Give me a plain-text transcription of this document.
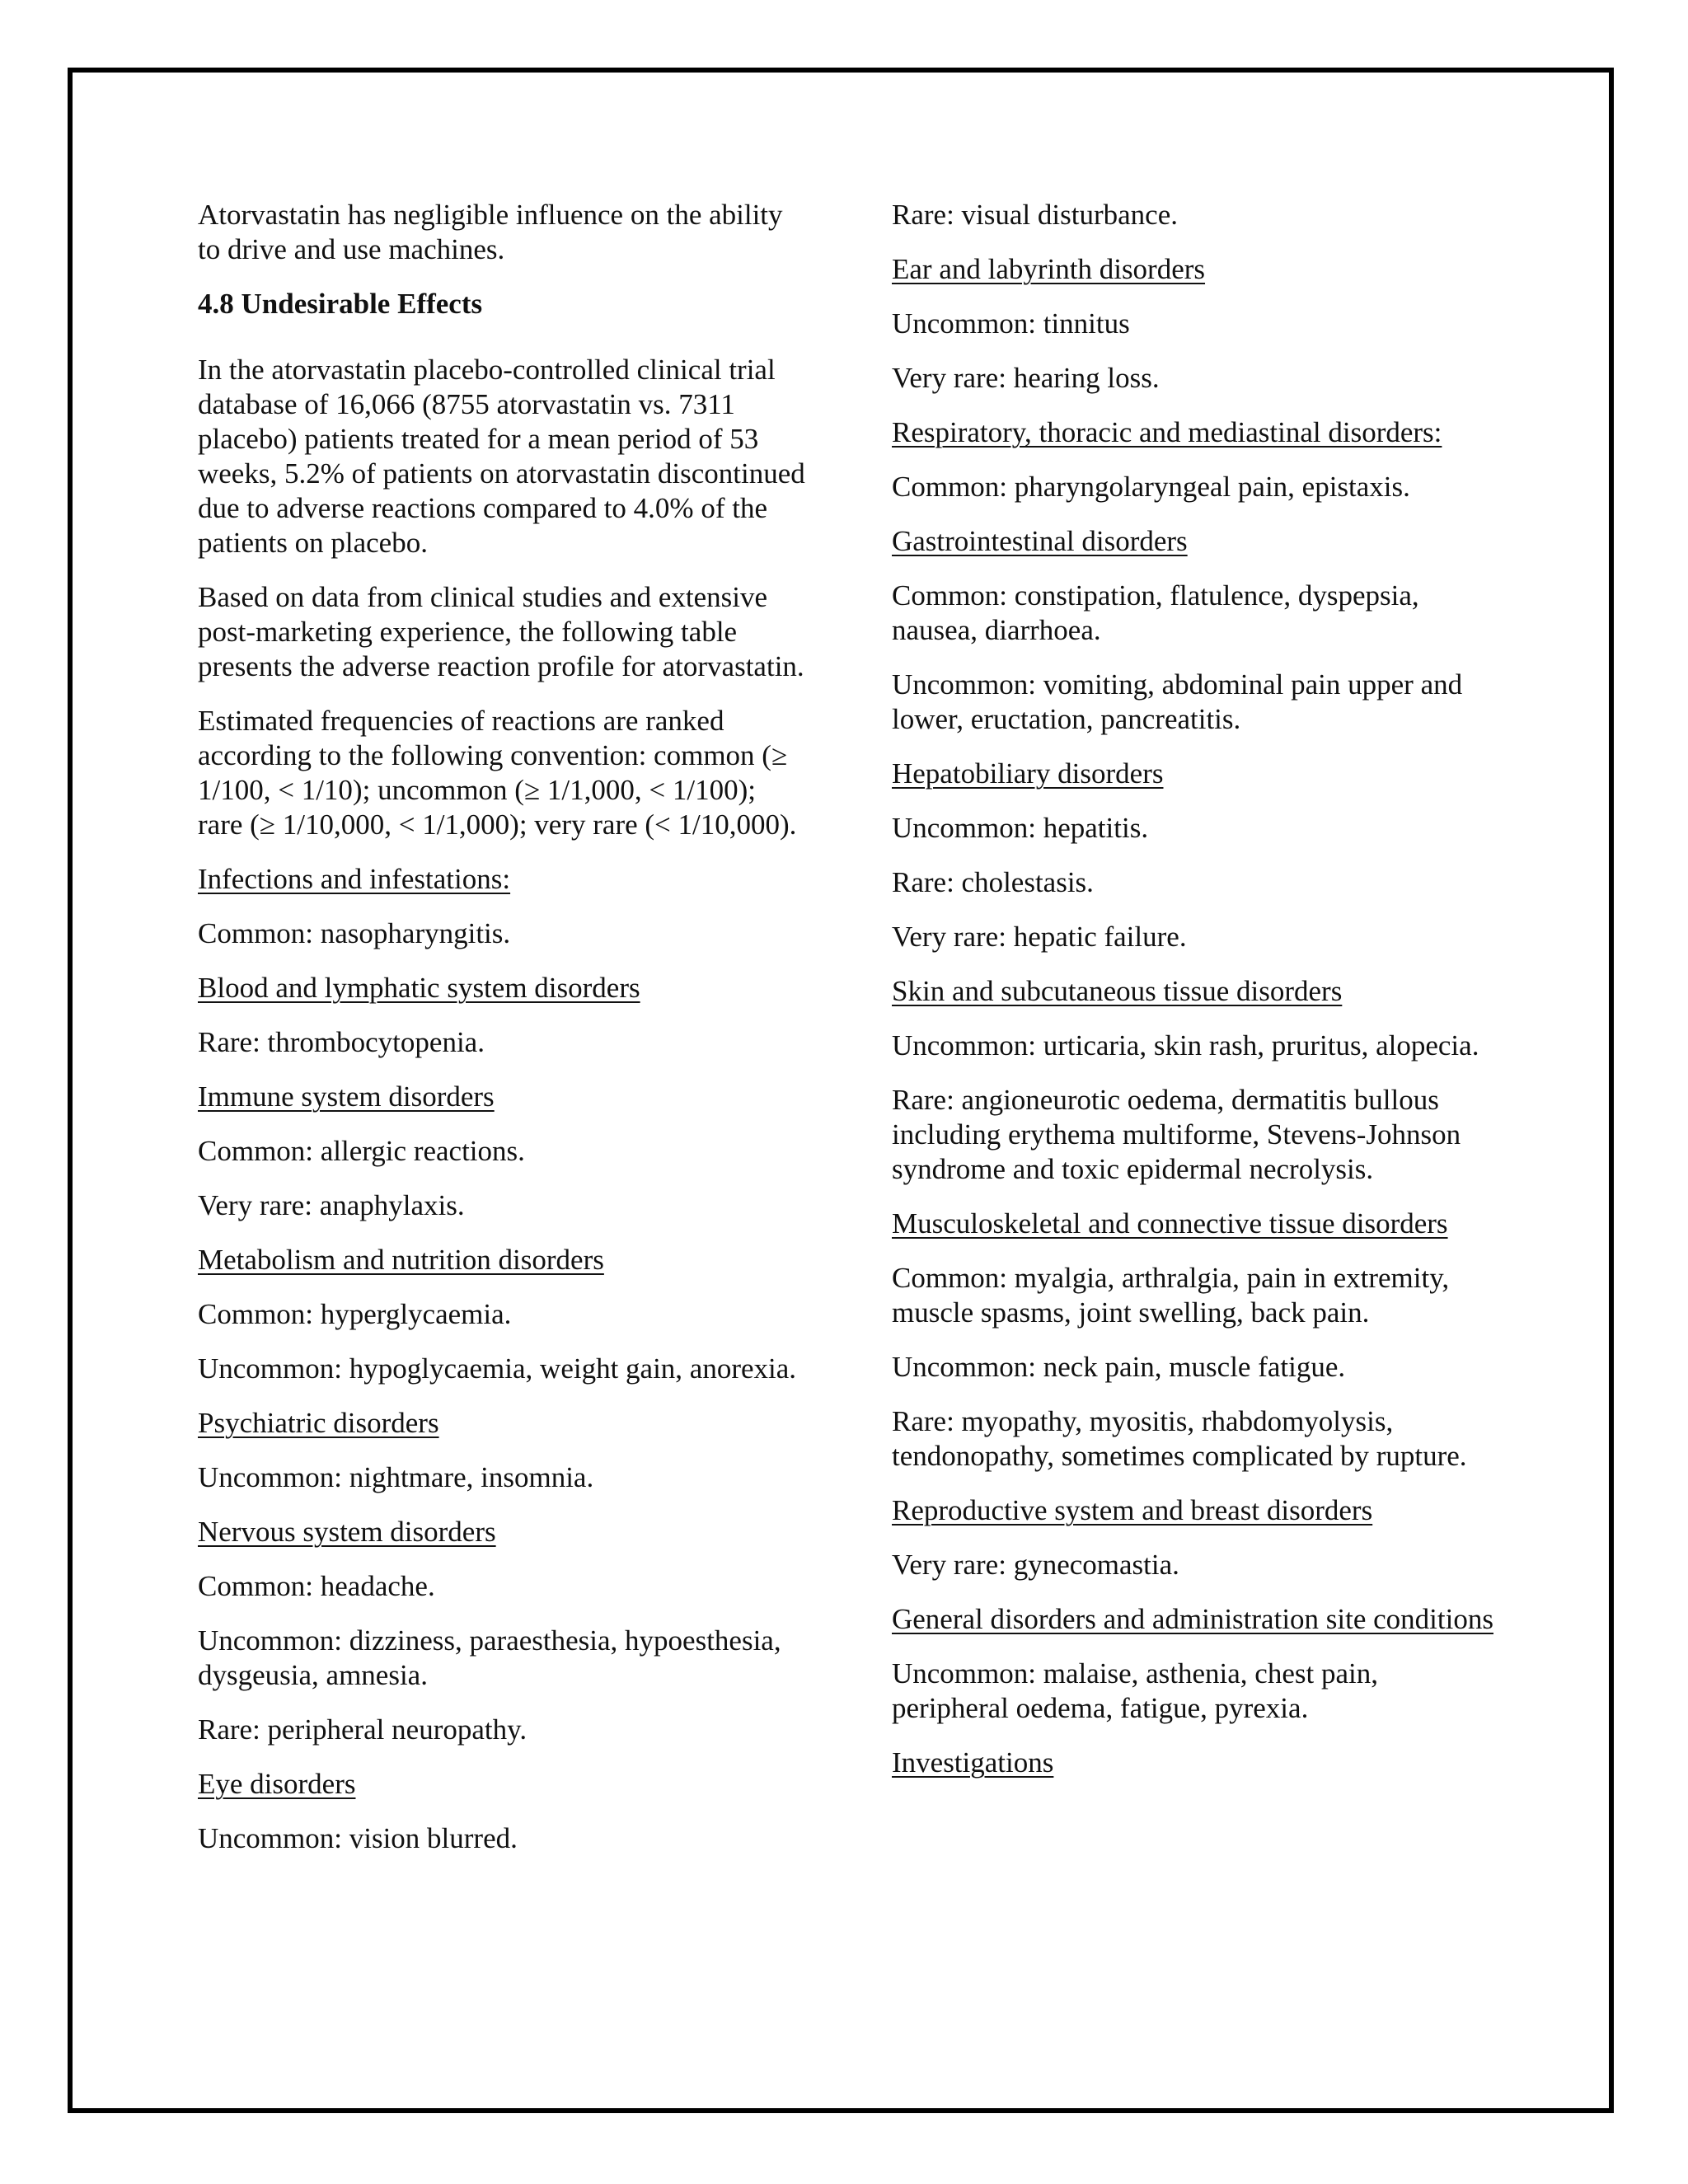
Atorvastatin has negligible influence on the ability to drive and use machines.

4.8 Undesirable Effects

In the atorvastatin placebo-controlled clinical trial database of 16,066 (8755 atorvastatin vs. 7311 placebo) patients treated for a mean period of 53 weeks, 5.2% of patients on atorvastatin discontinued due to adverse reactions compared to 4.0% of the patients on placebo.

Based on data from clinical studies and extensive post-marketing experience, the following table presents the adverse reaction profile for atorvastatin.

Estimated frequencies of reactions are ranked according to the following convention: common (≥ 1/100, < 1/10); uncommon (≥ 1/1,000, < 1/100); rare (≥ 1/10,000, < 1/1,000); very rare (< 1/10,000).

Infections and infestations:

Common: nasopharyngitis.

Blood and lymphatic system disorders

Rare: thrombocytopenia.

Immune system disorders

Common: allergic reactions.

Very rare: anaphylaxis.

Metabolism and nutrition disorders

Common: hyperglycaemia.

Uncommon: hypoglycaemia, weight gain, anorexia.

Psychiatric disorders

Uncommon: nightmare, insomnia.

Nervous system disorders

Common: headache.

Uncommon: dizziness, paraesthesia, hypoesthesia, dysgeusia, amnesia.

Rare: peripheral neuropathy.

Eye disorders

Uncommon: vision blurred.

Rare: visual disturbance.

Ear and labyrinth disorders

Uncommon: tinnitus

Very rare: hearing loss.

Respiratory, thoracic and mediastinal disorders:

Common: pharyngolaryngeal pain, epistaxis.

Gastrointestinal disorders

Common: constipation, flatulence, dyspepsia, nausea, diarrhoea.

Uncommon: vomiting, abdominal pain upper and lower, eructation, pancreatitis.

Hepatobiliary disorders

Uncommon: hepatitis.

Rare: cholestasis.

Very rare: hepatic failure.

Skin and subcutaneous tissue disorders

Uncommon: urticaria, skin rash, pruritus, alopecia.

Rare: angioneurotic oedema, dermatitis bullous including erythema multiforme, Stevens-Johnson syndrome and toxic epidermal necrolysis.

Musculoskeletal and connective tissue disorders

Common: myalgia, arthralgia, pain in extremity, muscle spasms, joint swelling, back pain.

Uncommon: neck pain, muscle fatigue.

Rare: myopathy, myositis, rhabdomyolysis, tendonopathy, sometimes complicated by rupture.

Reproductive system and breast disorders

Very rare: gynecomastia.

General disorders and administration site conditions

Uncommon: malaise, asthenia, chest pain, peripheral oedema, fatigue, pyrexia.

Investigations
